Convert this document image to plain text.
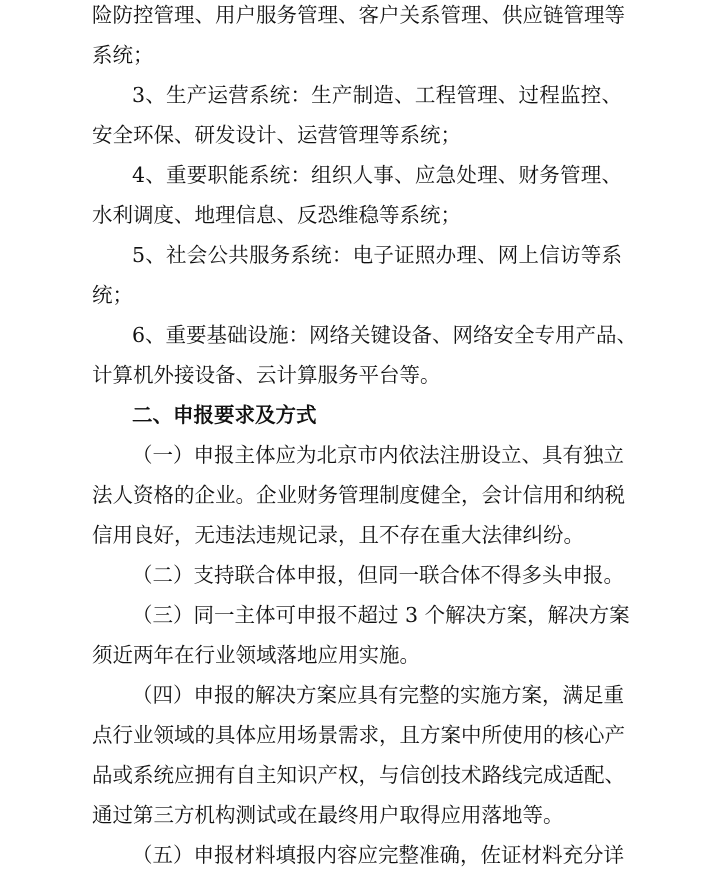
险防控管理、用户服务管理、客户关系管理、供应链管理等
系统；
3、生产运营系统：生产制造、工程管理、过程监控、
安全环保、研发设计、运营管理等系统；
4、重要职能系统：组织人事、应急处理、财务管理、
水利调度、地理信息、反恐维稳等系统；
5、社会公共服务系统：电子证照办理、网上信访等系
统；
6、重要基础设施：网络关键设备、网络安全专用产品、
计算机外接设备、云计算服务平台等。
二、申报要求及方式
（一）申报主体应为北京市内依法注册设立、具有独立
法人资格的企业。企业财务管理制度健全，会计信用和纳税
信用良好，无违法违规记录，且不存在重大法律纠纷。
（二）支持联合体申报，但同一联合体不得多头申报。
（三）同一主体可申报不超过 3 个解决方案，解决方案
须近两年在行业领域落地应用实施。
（四）申报的解决方案应具有完整的实施方案，满足重
点行业领域的具体应用场景需求，且方案中所使用的核心产
品或系统应拥有自主知识产权，与信创技术路线完成适配、
通过第三方机构测试或在最终用户取得应用落地等。
（五）申报材料填报内容应完整准确，佐证材料充分详
